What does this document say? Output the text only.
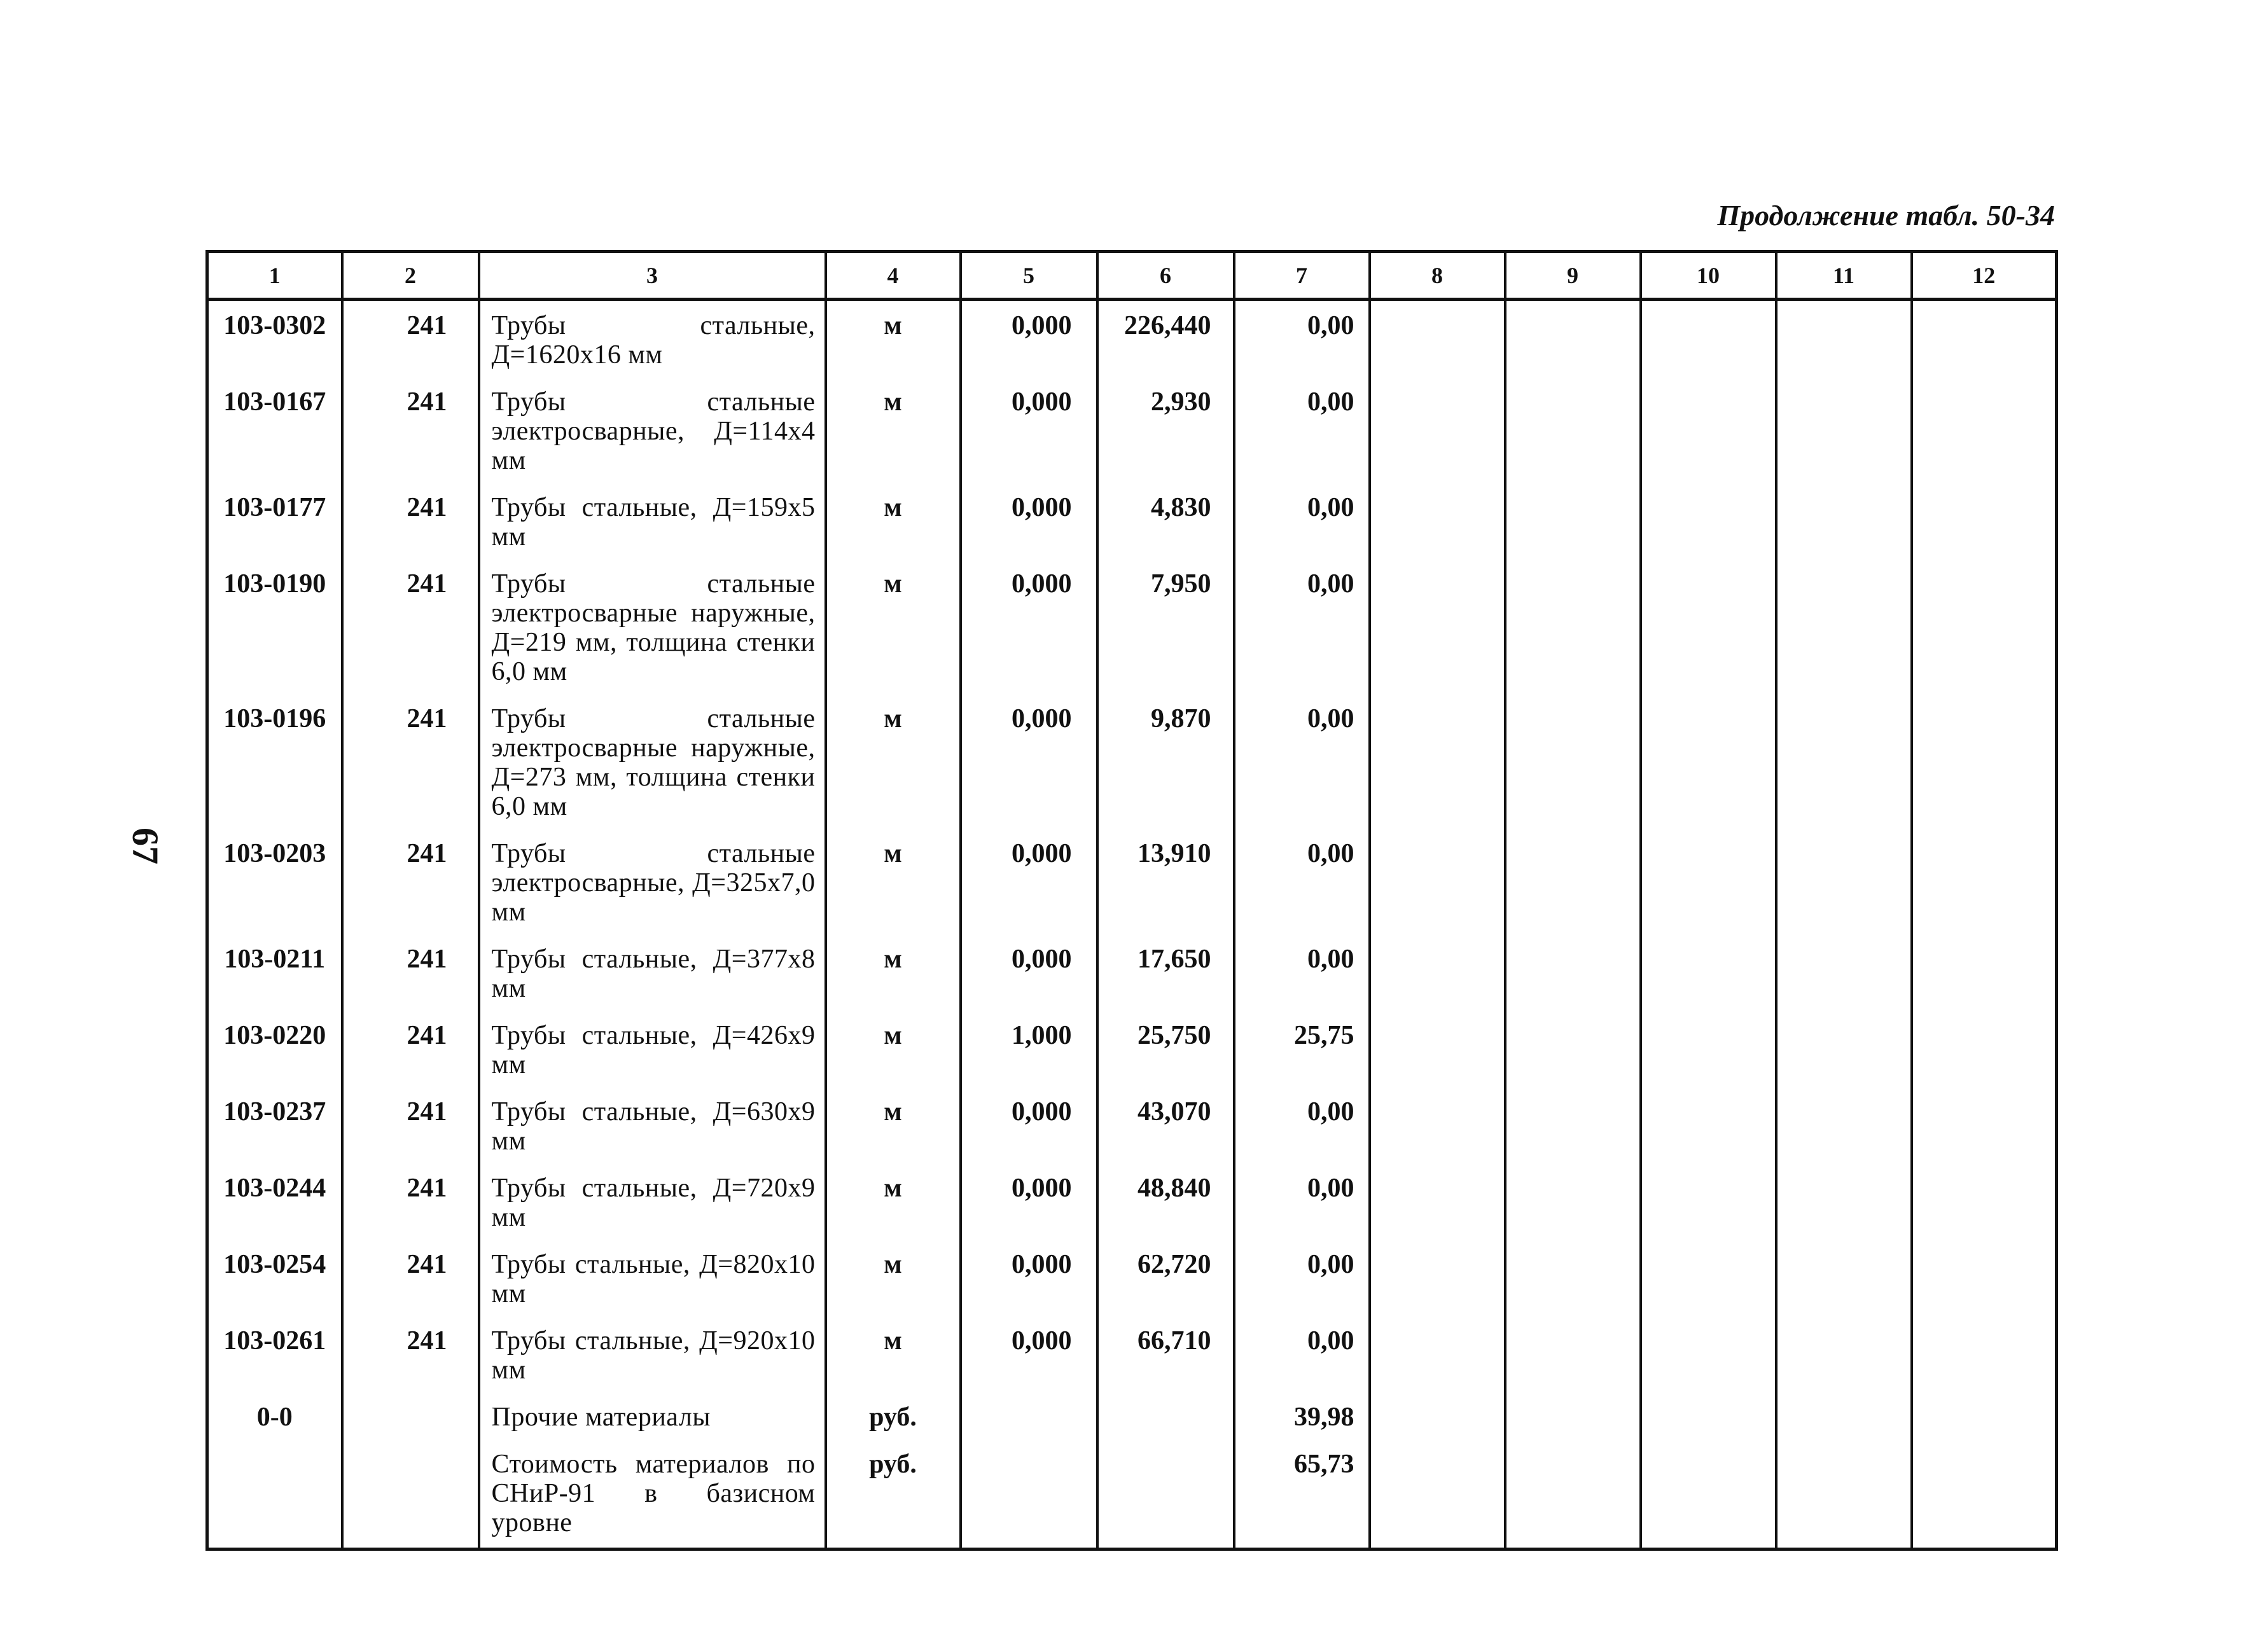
67
Продолжение табл. 50-34
1	2	3	4	5	6	7	8	9	10	11	12
103-0302	241	Трубы стальные, Д=1620х16 мм	м	0,000	226,440	0,00					
103-0167	241	Трубы стальные электросварные, Д=114х4 мм	м	0,000	2,930	0,00					
103-0177	241	Трубы стальные, Д=159х5 мм	м	0,000	4,830	0,00					
103-0190	241	Трубы стальные электросварные наружные, Д=219 мм, толщина стенки 6,0 мм	м	0,000	7,950	0,00					
103-0196	241	Трубы стальные электросварные наружные, Д=273 мм, толщина стенки 6,0 мм	м	0,000	9,870	0,00					
103-0203	241	Трубы стальные электросварные, Д=325х7,0 мм	м	0,000	13,910	0,00					
103-0211	241	Трубы стальные, Д=377х8 мм	м	0,000	17,650	0,00					
103-0220	241	Трубы стальные, Д=426х9 мм	м	1,000	25,750	25,75					
103-0237	241	Трубы стальные, Д=630х9 мм	м	0,000	43,070	0,00					
103-0244	241	Трубы стальные, Д=720х9 мм	м	0,000	48,840	0,00					
103-0254	241	Трубы стальные, Д=820х10 мм	м	0,000	62,720	0,00					
103-0261	241	Трубы стальные, Д=920х10 мм	м	0,000	66,710	0,00					
0-0		Прочие материалы	руб.			39,98					
		Стоимость материалов по СНиР-91 в базисном уровне	руб.			65,73					
